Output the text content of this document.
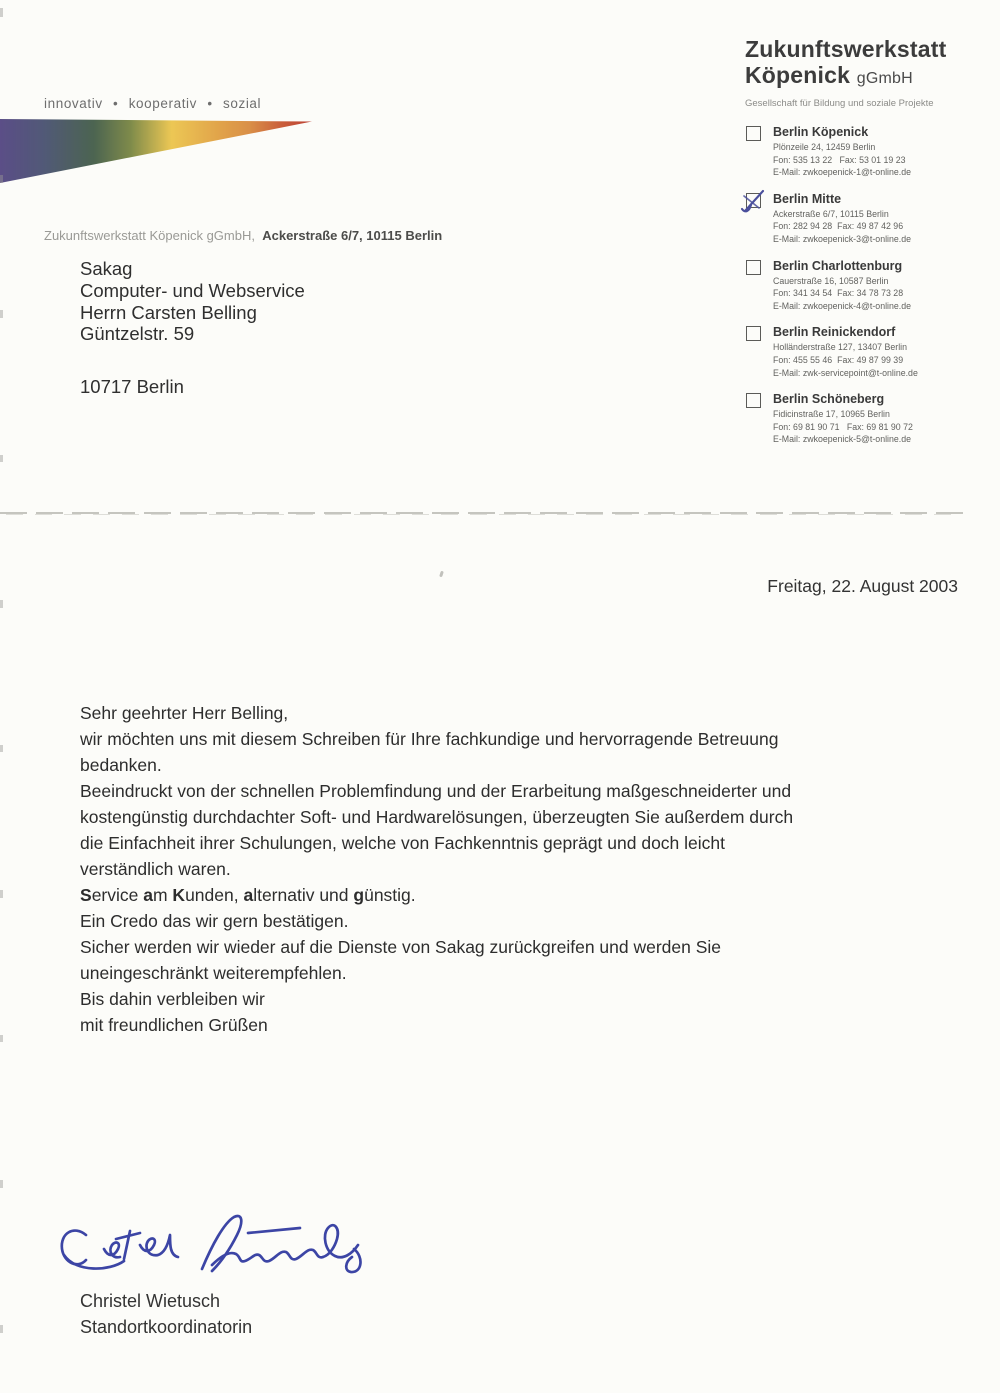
innovativ • kooperativ • sozial
Zukunftswerkstatt
Köpenick gGmbH
Gesellschaft für Bildung und soziale Projekte
Berlin Köpenick
Plönzeile 24, 12459 Berlin
Fon: 535 13 22   Fax: 53 01 19 23
E-Mail: zwkoepenick-1@t-online.de
Berlin Mitte
Ackerstraße 6/7, 10115 Berlin
Fon: 282 94 28  Fax: 49 87 42 96
E-Mail: zwkoepenick-3@t-online.de
Berlin Charlottenburg
Cauerstraße 16, 10587 Berlin
Fon: 341 34 54  Fax: 34 78 73 28
E-Mail: zwkoepenick-4@t-online.de
Berlin Reinickendorf
Holländerstraße 127, 13407 Berlin
Fon: 455 55 46  Fax: 49 87 99 39
E-Mail: zwk-servicepoint@t-online.de
Berlin Schöneberg
Fidicinstraße 17, 10965 Berlin
Fon: 69 81 90 71   Fax: 69 81 90 72
E-Mail: zwkoepenick-5@t-online.de
Zukunftswerkstatt Köpenick gGmbH, Ackerstraße 6/7, 10115 Berlin
Sakag
Computer- und Webservice
Herrn Carsten Belling
Güntzelstr. 59
10717 Berlin
Freitag, 22. August 2003

Sehr geehrter Herr Belling,

wir möchten uns mit diesem Schreiben für Ihre fachkundige und hervorragende Betreuung
bedanken.

Beeindruckt von der schnellen Problemfindung und der Erarbeitung maßgeschneiderter und
kostengünstig durchdachter Soft- und Hardwarelösungen, überzeugten Sie außerdem durch
die Einfachheit ihrer Schulungen, welche von Fachkenntnis geprägt und doch leicht
verständlich waren.

Service am Kunden, alternativ und günstig.
Ein Credo das wir gern bestätigen.

Sicher werden wir wieder auf die Dienste von Sakag zurückgreifen und werden Sie
uneingeschränkt weiterempfehlen.

Bis dahin verbleiben wir

mit freundlichen Grüßen

Christel Wietusch
Standortkoordinatorin
